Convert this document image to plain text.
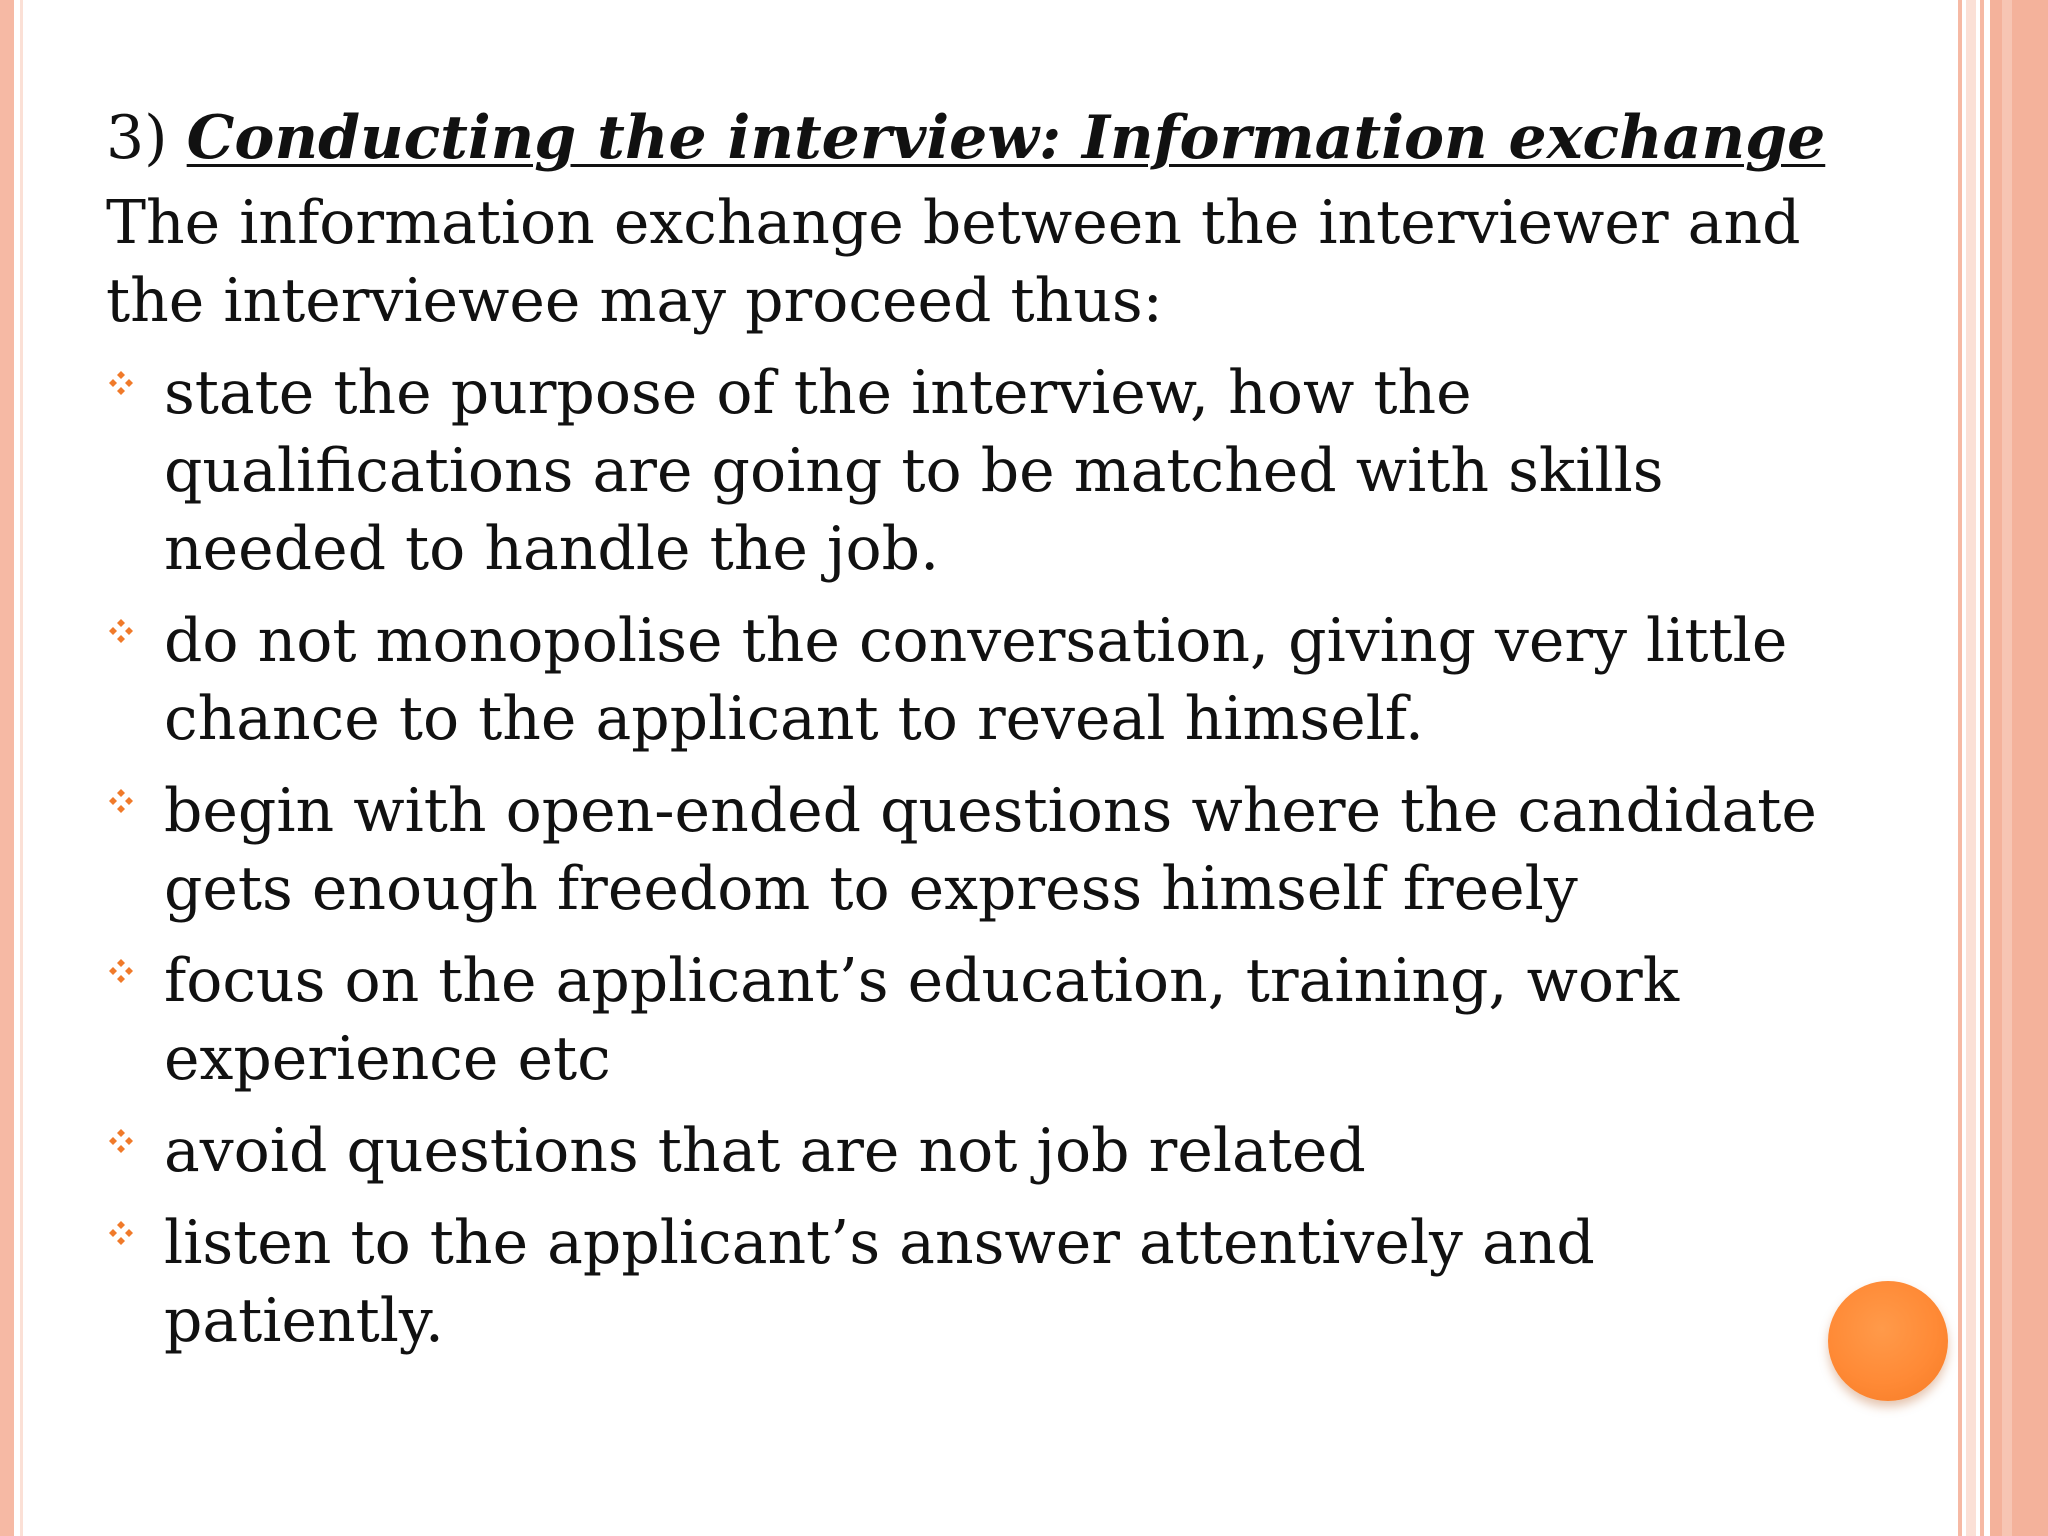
3) Conducting the interview: Information exchange

The information exchange between the interviewer and the interviewee may proceed thus:

state the purpose of the interview, how the qualifications are going to be matched with skills needed to handle the job.
do not monopolise the conversation, giving very little chance to the applicant to reveal himself.
begin with open-ended questions where the candidate gets enough freedom to express himself freely
focus on the applicant’s education, training, work experience etc
avoid questions that are not job related
listen to the applicant’s answer attentively and patiently.
